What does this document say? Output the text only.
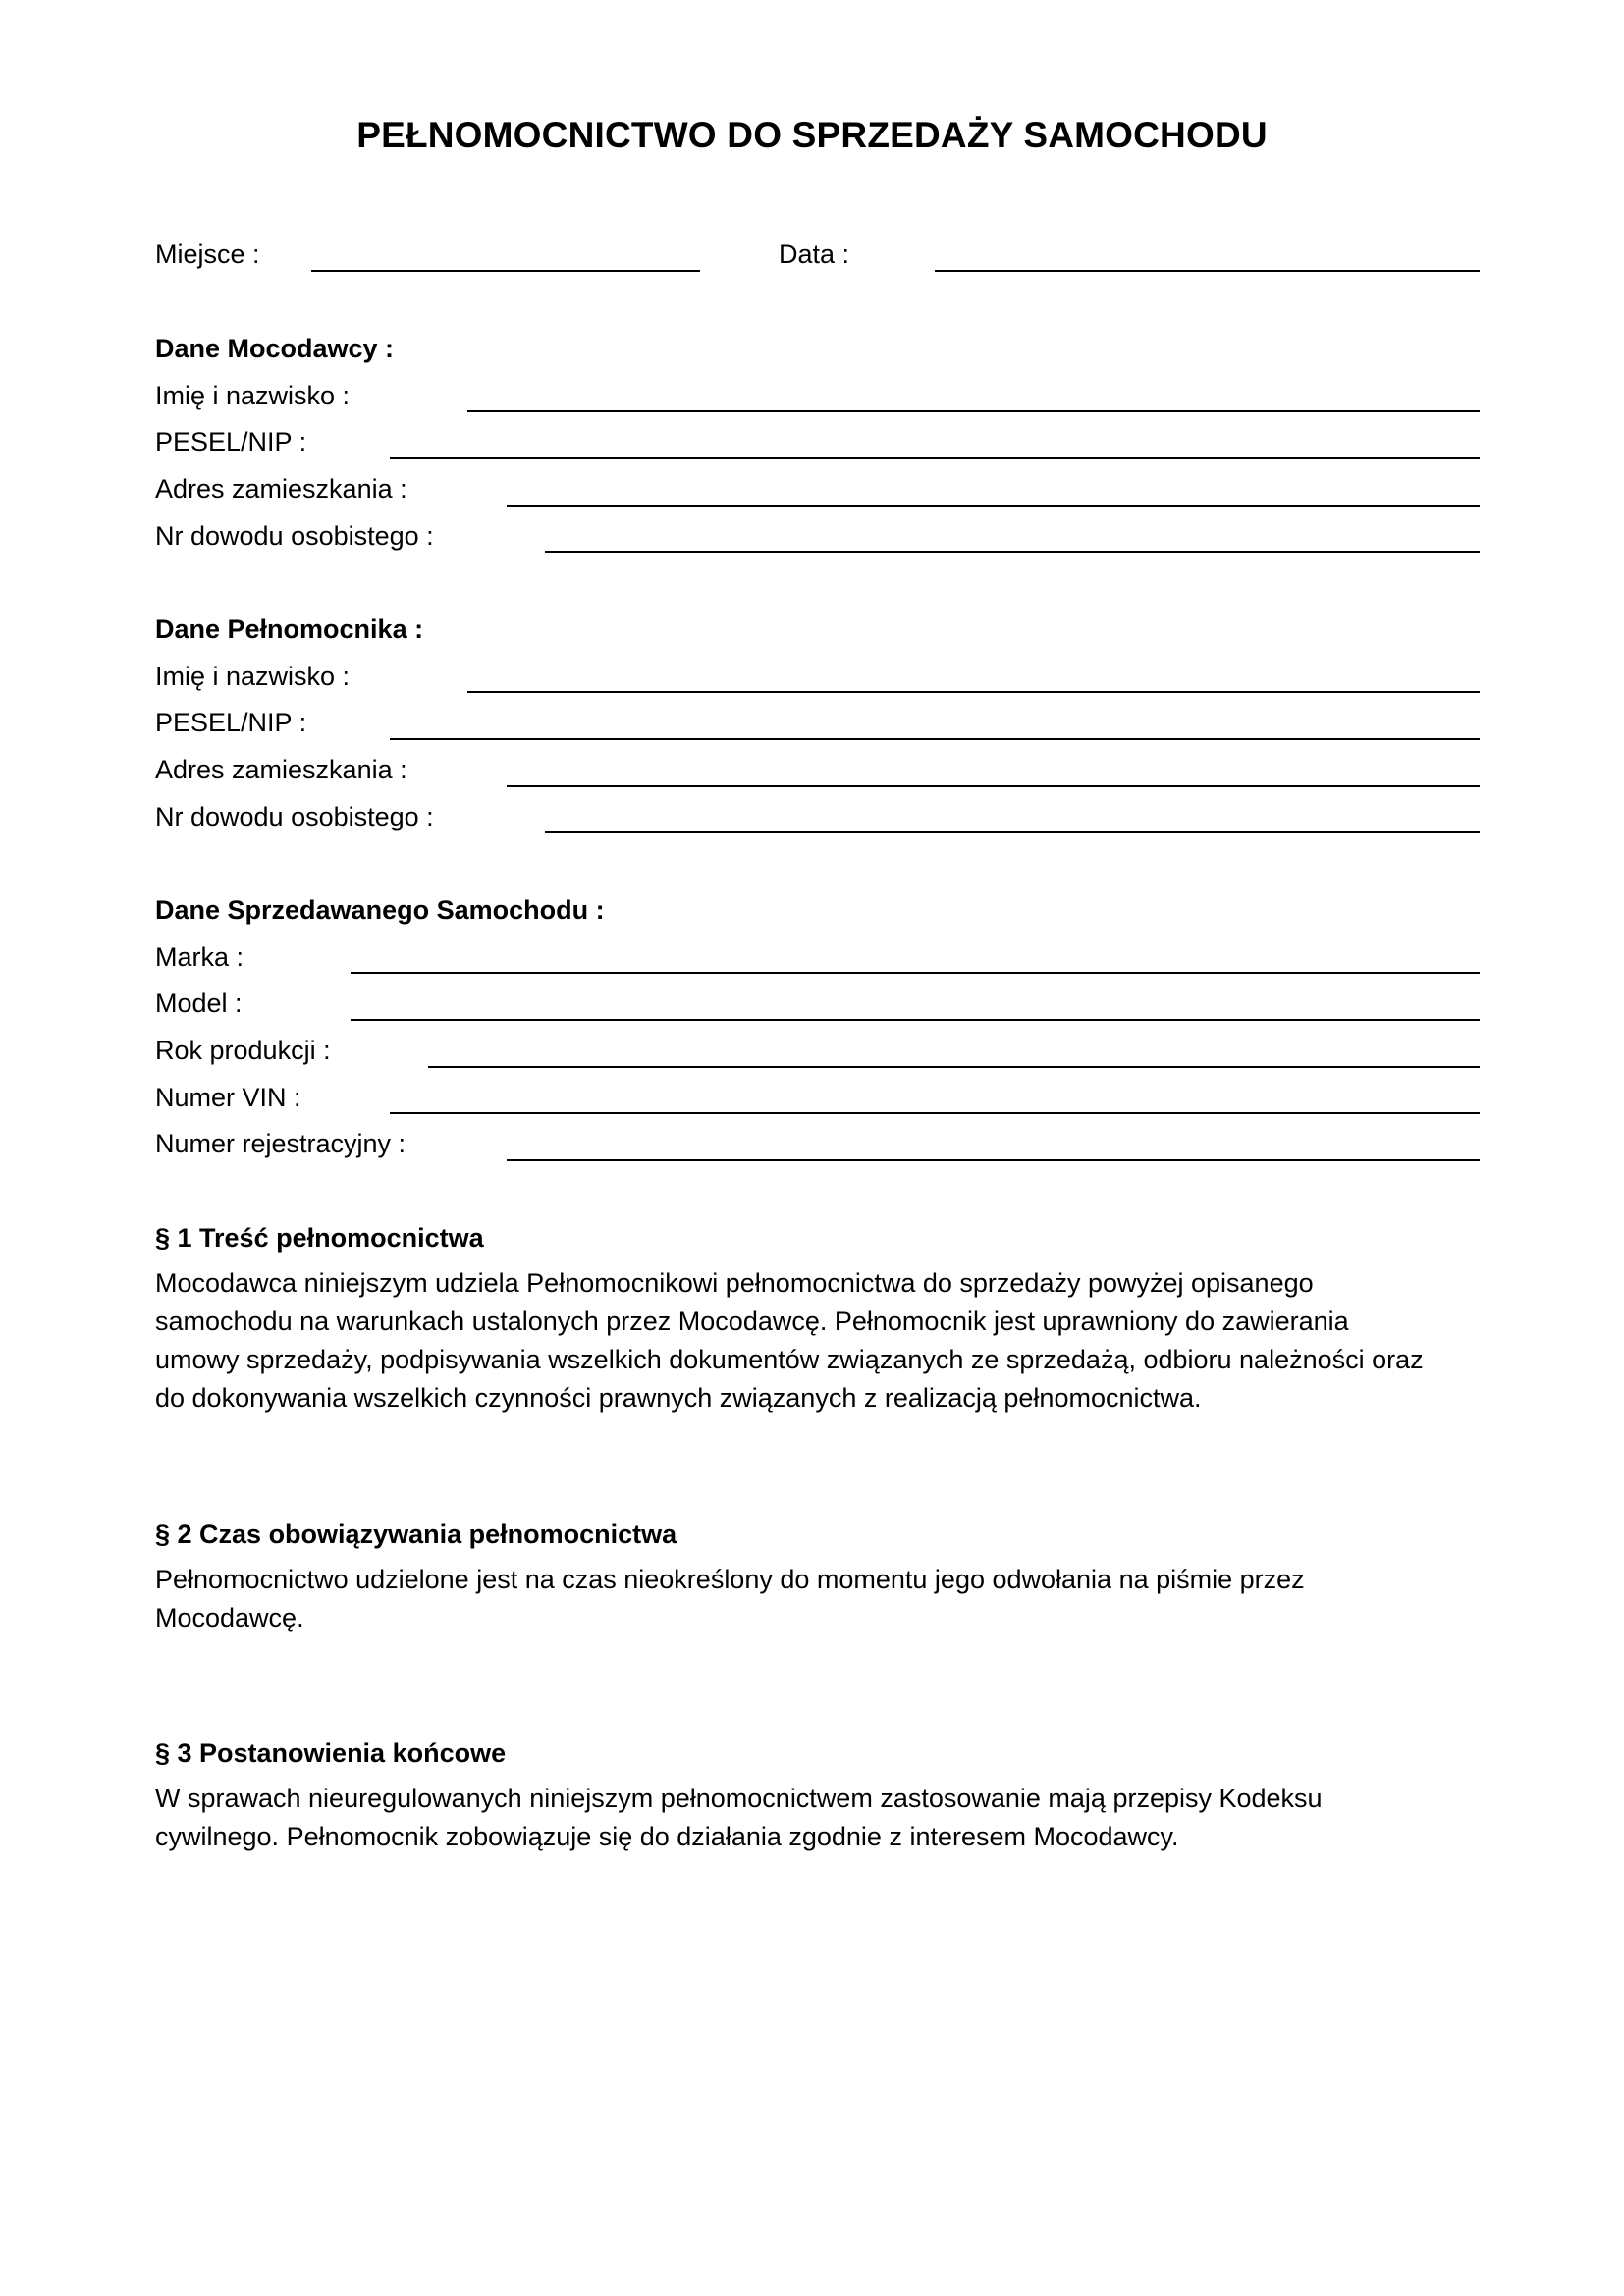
PEŁNOMOCNICTWO DO SPRZEDAŻY SAMOCHODU
Miejsce :	Data :
Dane Mocodawcy :
Imię i nazwisko :
PESEL/NIP :
Adres zamieszkania :
Nr dowodu osobistego :
Dane Pełnomocnika :
Imię i nazwisko :
PESEL/NIP :
Adres zamieszkania :
Nr dowodu osobistego :
Dane Sprzedawanego Samochodu :
Marka :
Model :
Rok produkcji :
Numer VIN :
Numer rejestracyjny :
§ 1 Treść pełnomocnictwa
Mocodawca niniejszym udziela Pełnomocnikowi pełnomocnictwa do sprzedaży powyżej opisanego
samochodu na warunkach ustalonych przez Mocodawcę. Pełnomocnik jest uprawniony do zawierania
umowy sprzedaży, podpisywania wszelkich dokumentów związanych ze sprzedażą, odbioru należności oraz
do dokonywania wszelkich czynności prawnych związanych z realizacją pełnomocnictwa.
§ 2 Czas obowiązywania pełnomocnictwa
Pełnomocnictwo udzielone jest na czas nieokreślony do momentu jego odwołania na piśmie przez
Mocodawcę.
§ 3 Postanowienia końcowe
W sprawach nieuregulowanych niniejszym pełnomocnictwem zastosowanie mają przepisy Kodeksu
cywilnego. Pełnomocnik zobowiązuje się do działania zgodnie z interesem Mocodawcy.
